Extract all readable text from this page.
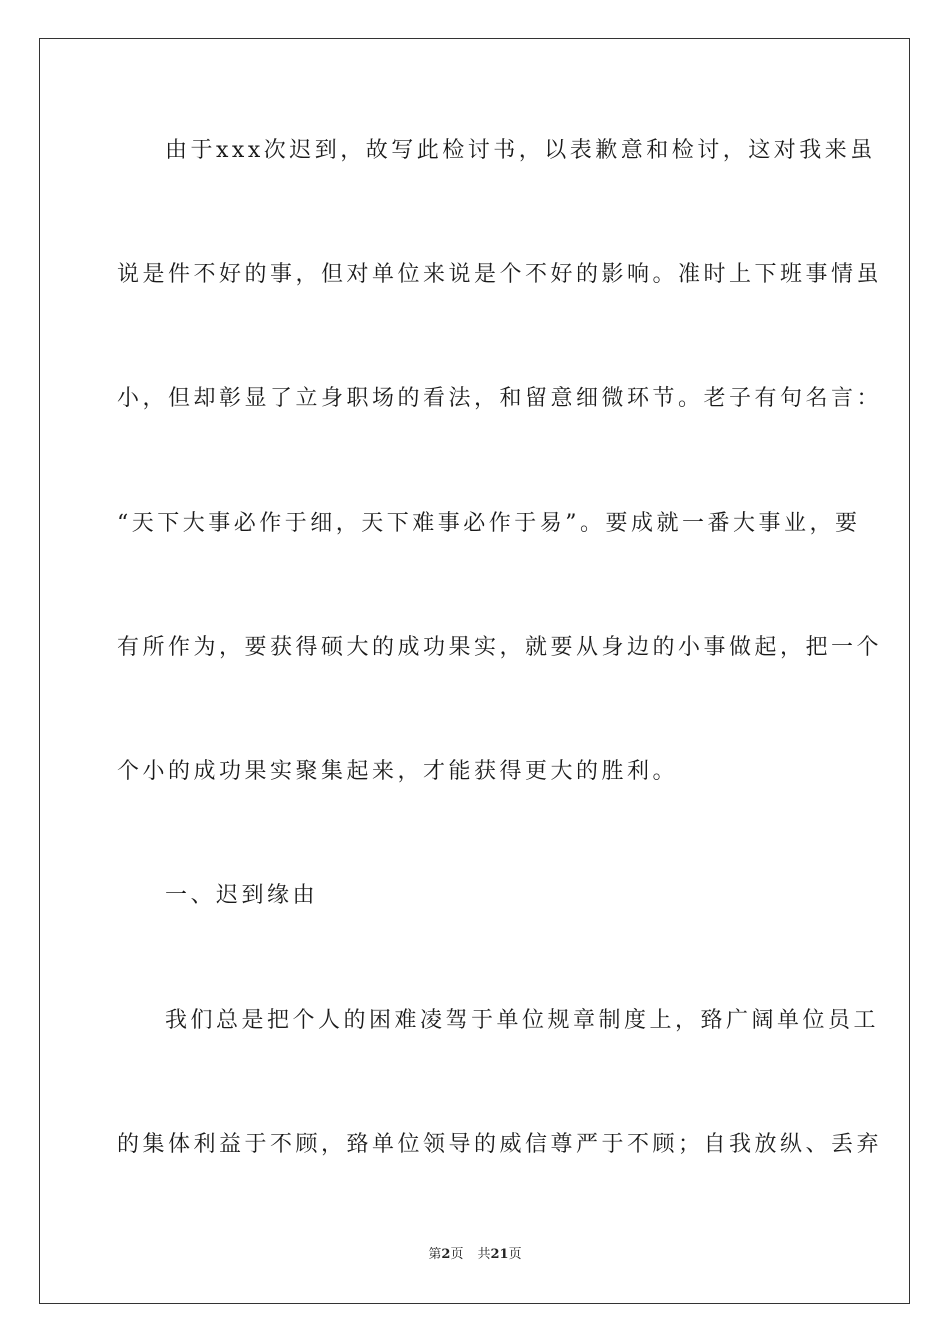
由于xxx次迟到，故写此检讨书，以表歉意和检讨，这对我来虽
说是件不好的事，但对单位来说是个不好的影响。准时上下班事情虽
小，但却彰显了立身职场的看法，和留意细微环节。老子有句名言：
“天下大事必作于细，天下难事必作于易”。要成就一番大事业，要
有所作为，要获得硕大的成功果实，就要从身边的小事做起，把一个
个小的成功果实聚集起来，才能获得更大的胜利。
一、迟到缘由
我们总是把个人的困难凌驾于单位规章制度上，臵广阔单位员工
的集体利益于不顾，臵单位领导的威信尊严于不顾；自我放纵、丢弃
第2页 共21页
